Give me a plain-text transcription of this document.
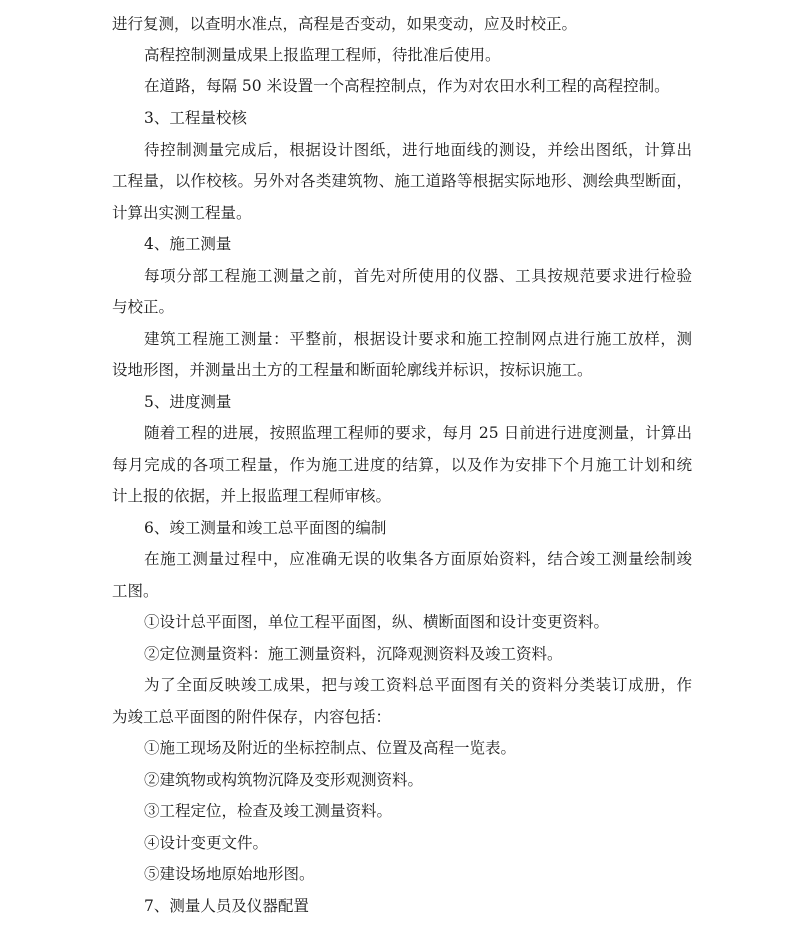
进行复测，以查明水准点，高程是否变动，如果变动，应及时校正。
高程控制测量成果上报监理工程师，待批准后使用。
在道路，每隔 50 米设置一个高程控制点，作为对农田水利工程的高程控制。
3、工程量校核
待控制测量完成后，根据设计图纸，进行地面线的测设，并绘出图纸，计算出
工程量，以作校核。另外对各类建筑物、施工道路等根据实际地形、测绘典型断面，
计算出实测工程量。
4、施工测量
每项分部工程施工测量之前，首先对所使用的仪器、工具按规范要求进行检验
与校正。
建筑工程施工测量：平整前，根据设计要求和施工控制网点进行施工放样，测
设地形图，并测量出土方的工程量和断面轮廓线并标识，按标识施工。
5、进度测量
随着工程的进展，按照监理工程师的要求，每月 25 日前进行进度测量，计算出
每月完成的各项工程量，作为施工进度的结算，以及作为安排下个月施工计划和统
计上报的依据，并上报监理工程师审核。
6、竣工测量和竣工总平面图的编制
在施工测量过程中，应准确无误的收集各方面原始资料，结合竣工测量绘制竣
工图。
①设计总平面图，单位工程平面图，纵、横断面图和设计变更资料。
②定位测量资料：施工测量资料，沉降观测资料及竣工资料。
为了全面反映竣工成果，把与竣工资料总平面图有关的资料分类装订成册，作
为竣工总平面图的附件保存，内容包括：
①施工现场及附近的坐标控制点、位置及高程一览表。
②建筑物或构筑物沉降及变形观测资料。
③工程定位，检查及竣工测量资料。
④设计变更文件。
⑤建设场地原始地形图。
7、测量人员及仪器配置
